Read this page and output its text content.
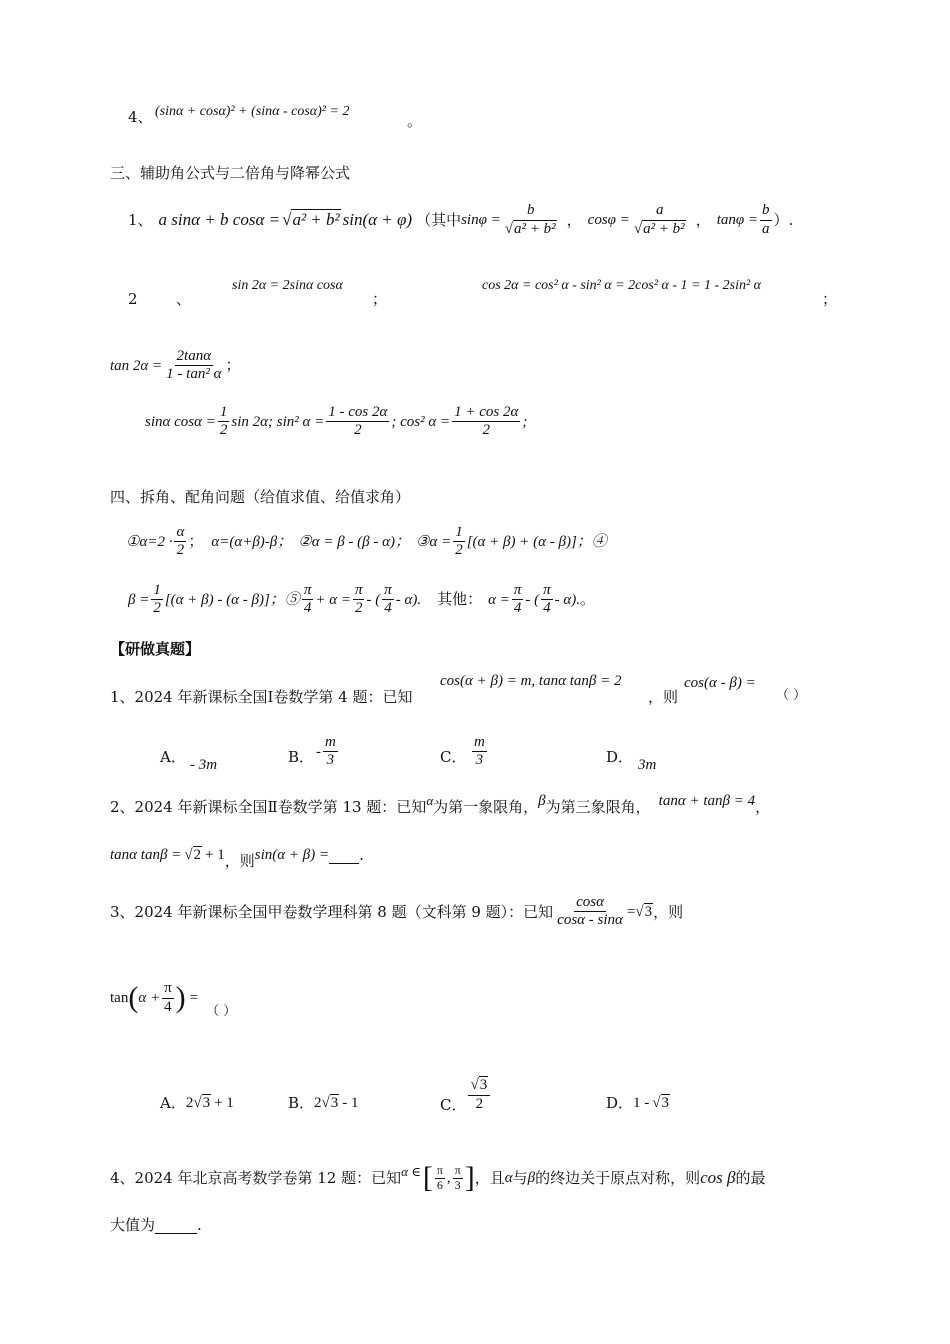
4、 (sinα + cosα)² + (sinα - cosα)² = 2
。
三、辅助角公式与二倍角与降幂公式
1、 a sinα + b cosα = √a² + b² sin(α + φ) （其中 $\sin\varphi = \frac{b}{\text{√a² + b²}}$ ， $\cos\varphi = \frac{a}{\text{√a² + b²}}$ ， $\tan\varphi = \frac{b}{a}$ ）.
2	、
sin 2α = 2sinα cosα
；
cos 2α = cos² α - sin² α = 2cos² α - 1 = 1 - 2sin² α
；
$\tan 2\alpha = \frac{2\tan\alpha}{\text{1 - tan² α}}$ ；
sinα $\cos\alpha = \frac{1}{2}$ sin 2α; sin² $\alpha = \frac{1 - \cos 2\alpha}{2}$ ; cos² $\alpha = \frac{1 + \cos 2\alpha}{2}$ ;
四、拆角、配角问题（给值求值、给值求角）
①α=2 · $\frac{\alpha}{2}$ ； α=(α+β)-β； ②α = β - (β - α)； ③α = $\frac{1}{2} [(\alpha + \beta) + (\alpha - \beta)]$；④
$\beta = \frac{1}{2} [(\alpha + \beta) - (\alpha - \beta)]$；⑤ $\frac{\pi}{4} + \alpha = \frac{\pi}{2}$ - ( $\frac{\pi}{4} - \alpha$). 其他： $\alpha = \frac{\pi}{4}$ - ( $\frac{\pi}{4} - \alpha$). 。
【研做真题】
1、2024 年新课标全国Ⅰ卷数学第 4 题：已知
cos(α + β) = m, tanα tanβ = 2
，则
cos(α - β) =
（ ）
A． - 3m	B． - $\frac{m}{3}$	C． $\frac{m}{3}$	D． 3m
2、2024 年新课标全国Ⅱ卷数学第 13 题：已知 α 为第一象限角， β 为第三象限角， tanα + tanβ = 4 ，
tanα tanβ = √2 + 1 ，则 sin(α + β) = .
3、2024 年新课标全国甲卷数学理科第 8 题（文科第 9 题）：已知 $\frac{\cos\alpha}{\cos\alpha - \sin\alpha} = √3$ ，则
tan ( $\alpha + \frac{\pi}{4}$ ) =
（ ）
A． 2 √3 + 1	B． 2 √3 - 1	C． $\frac{√3}{2}$	D． 1 - √3
4、2024 年北京高考数学卷第 12 题：已知 α ∈ [ $\frac{\pi}{6}$ , $\frac{\pi}{3}$ ] ，且 α 与 β 的终边关于原点对称，则 cos β 的最
大值为	.
